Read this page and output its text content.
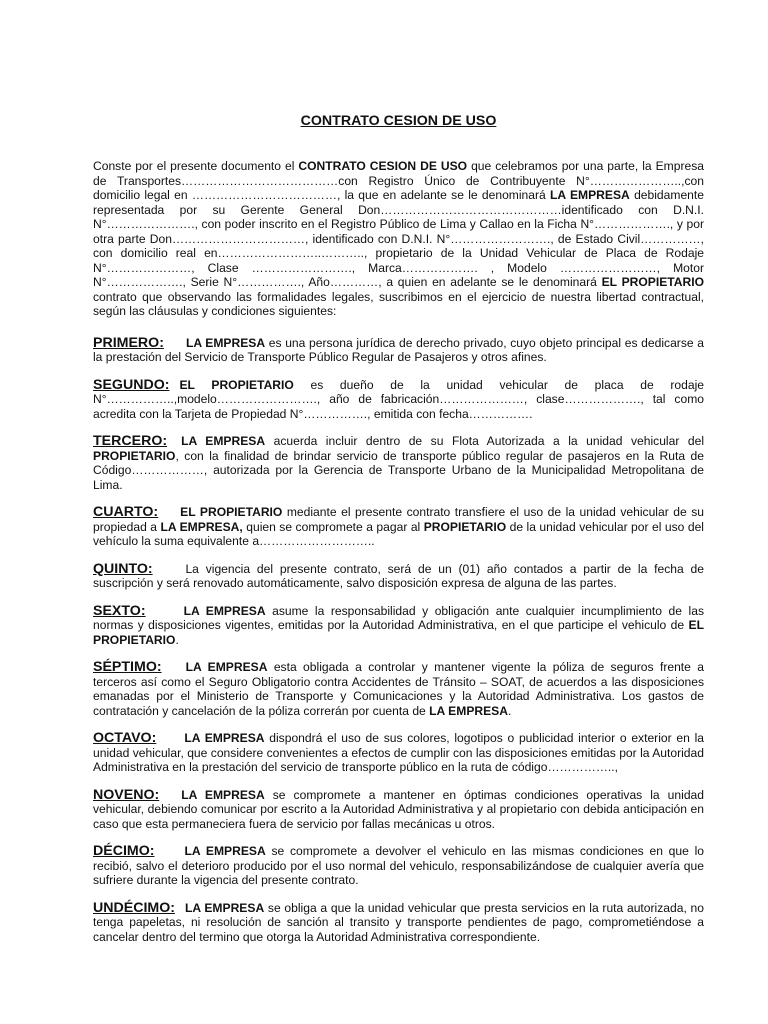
CONTRATO CESION DE USO

Conste por el presente documento el CONTRATO CESION DE USO que celebramos por una parte, la Empresa de Transportes…………………………………con Registro Único de Contribuyente N°…………………..,con domicilio legal en ………………………………, la que en adelante se le denominará LA EMPRESA debidamente representada por su Gerente General Don………………………………………identificado con D.N.I. N°…………………., con poder inscrito en el Registro Público de Lima y Callao en la Ficha N°………………., y por otra parte Don……………………………, identificado con D.N.I. N°……………………., de Estado Civil……………, con domicilio real en……………………..……….., propietario de la Unidad Vehicular de Placa de Rodaje N°…………………, Clase ……………………., Marca………………. , Modelo ……………………, Motor N°………………., Serie N°……………., Año…………, a quien en adelante se le denominará EL PROPIETARIO contrato que observando las formalidades legales, suscribimos en el ejercicio de nuestra libertad contractual, según las cláusulas y condiciones siguientes:

PRIMERO: LA EMPRESA es una persona jurídica de derecho privado, cuyo objeto principal es dedicarse a la prestación del Servicio de Transporte Público Regular de Pasajeros y otros afines.

SEGUNDO: EL PROPIETARIO es dueño de la unidad vehicular de placa de rodaje N°……………..,modelo……………………., año de fabricación…………………, clase………………., tal como acredita con la Tarjeta de Propiedad N°……………., emitida con fecha…………….

TERCERO: LA EMPRESA acuerda incluir dentro de su Flota Autorizada a la unidad vehicular del PROPIETARIO, con la finalidad de brindar servicio de transporte público regular de pasajeros en la Ruta de Código………………, autorizada por la Gerencia de Transporte Urbano de la Municipalidad Metropolitana de Lima.

CUARTO: EL PROPIETARIO mediante el presente contrato transfiere el uso de la unidad vehicular de su propiedad a LA EMPRESA, quien se compromete a pagar al PROPIETARIO de la unidad vehicular por el uso del vehículo la suma equivalente a………………………..

QUINTO: La vigencia del presente contrato, será de un (01) año contados a partir de la fecha de suscripción y será renovado automáticamente, salvo disposición expresa de alguna de las partes.

SEXTO:	LA EMPRESA asume la responsabilidad y obligación ante cualquier incumplimiento de las normas y disposiciones vigentes, emitidas por la Autoridad Administrativa, en el que participe el vehiculo de EL PROPIETARIO.

SÉPTIMO: LA EMPRESA esta obligada a controlar y mantener vigente la póliza de seguros frente a terceros así como el Seguro Obligatorio contra Accidentes de Tránsito – SOAT, de acuerdos a las disposiciones emanadas por el Ministerio de Transporte y Comunicaciones y la Autoridad Administrativa. Los gastos de contratación y cancelación de la póliza correrán por cuenta de LA EMPRESA.

OCTAVO: LA EMPRESA dispondrá el uso de sus colores, logotipos o publicidad interior o exterior en la unidad vehicular, que considere convenientes a efectos de cumplir con las disposiciones emitidas por la Autoridad Administrativa en la prestación del servicio de transporte público en la ruta de código……………..,

NOVENO: LA EMPRESA se compromete a mantener en óptimas condiciones operativas la unidad vehicular, debiendo comunicar por escrito a la Autoridad Administrativa y al propietario con debida anticipación en caso que esta permaneciera fuera de servicio por fallas mecánicas u otros.

DÉCIMO: LA EMPRESA se compromete a devolver el vehiculo en las mismas condiciones en que lo recibió, salvo el deterioro producido por el uso normal del vehiculo, responsabilizándose de cualquier avería que sufriere durante la vigencia del presente contrato.

UNDÉCIMO: LA EMPRESA se obliga a que la unidad vehicular que presta servicios en la ruta autorizada, no tenga papeletas, ni resolución de sanción al transito y transporte pendientes de pago, comprometiéndose a cancelar dentro del termino que otorga la Autoridad Administrativa correspondiente.
